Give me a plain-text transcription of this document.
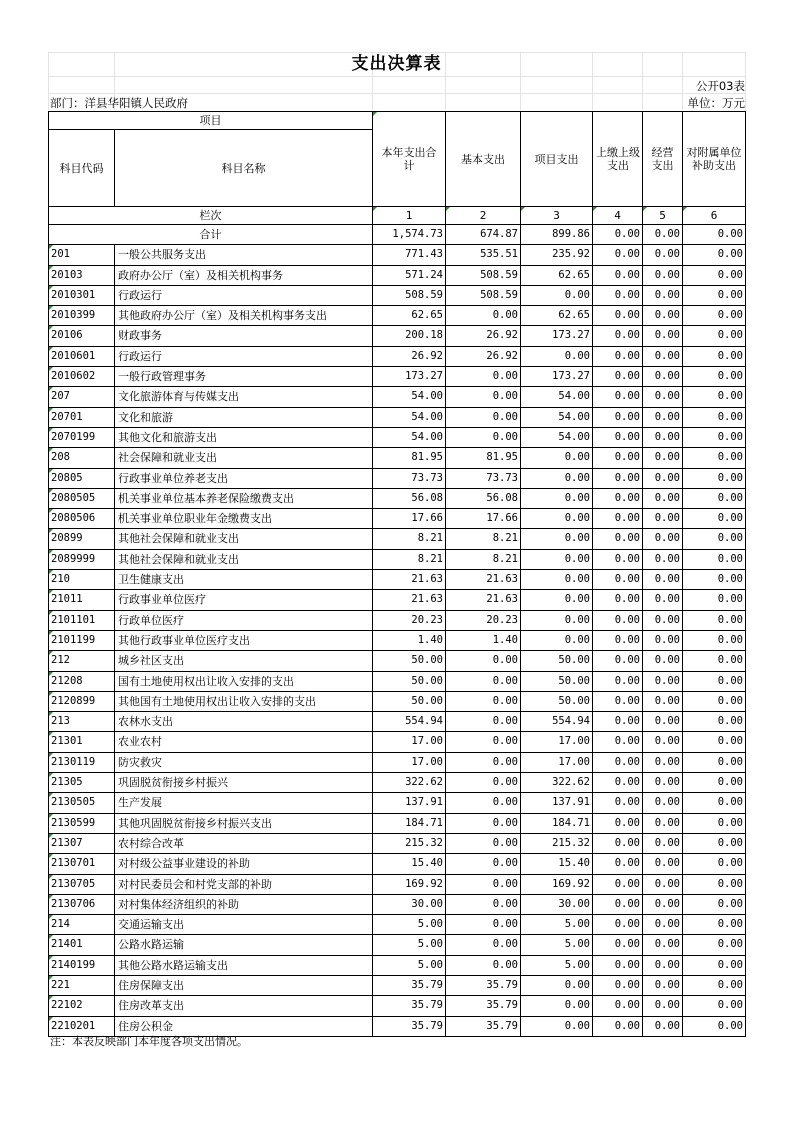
支出决算表
公开03表
部门：洋县华阳镇人民政府	单位：万元
项目		本年支出合计	基本支出	项目支出	上缴上级支出	经营支出	对附属单位补助支出

科目代码	科目名称						
栏次		1	2	3	4	5	6
合计		1,574.73	674.87	899.86	0.00	0.00	0.00
201	一般公共服务支出	771.43	535.51	235.92	0.00	0.00	0.00
20103	政府办公厅（室）及相关机构事务	571.24	508.59	62.65	0.00	0.00	0.00
2010301	行政运行	508.59	508.59	0.00	0.00	0.00	0.00
2010399	其他政府办公厅（室）及相关机构事务支出	62.65	0.00	62.65	0.00	0.00	0.00
20106	财政事务	200.18	26.92	173.27	0.00	0.00	0.00
2010601	行政运行	26.92	26.92	0.00	0.00	0.00	0.00
2010602	一般行政管理事务	173.27	0.00	173.27	0.00	0.00	0.00
207	文化旅游体育与传媒支出	54.00	0.00	54.00	0.00	0.00	0.00
20701	文化和旅游	54.00	0.00	54.00	0.00	0.00	0.00
2070199	其他文化和旅游支出	54.00	0.00	54.00	0.00	0.00	0.00
208	社会保障和就业支出	81.95	81.95	0.00	0.00	0.00	0.00
20805	行政事业单位养老支出	73.73	73.73	0.00	0.00	0.00	0.00
2080505	机关事业单位基本养老保险缴费支出	56.08	56.08	0.00	0.00	0.00	0.00
2080506	机关事业单位职业年金缴费支出	17.66	17.66	0.00	0.00	0.00	0.00
20899	其他社会保障和就业支出	8.21	8.21	0.00	0.00	0.00	0.00
2089999	其他社会保障和就业支出	8.21	8.21	0.00	0.00	0.00	0.00
210	卫生健康支出	21.63	21.63	0.00	0.00	0.00	0.00
21011	行政事业单位医疗	21.63	21.63	0.00	0.00	0.00	0.00
2101101	行政单位医疗	20.23	20.23	0.00	0.00	0.00	0.00
2101199	其他行政事业单位医疗支出	1.40	1.40	0.00	0.00	0.00	0.00
212	城乡社区支出	50.00	0.00	50.00	0.00	0.00	0.00
21208	国有土地使用权出让收入安排的支出	50.00	0.00	50.00	0.00	0.00	0.00
2120899	其他国有土地使用权出让收入安排的支出	50.00	0.00	50.00	0.00	0.00	0.00
213	农林水支出	554.94	0.00	554.94	0.00	0.00	0.00
21301	农业农村	17.00	0.00	17.00	0.00	0.00	0.00
2130119	防灾救灾	17.00	0.00	17.00	0.00	0.00	0.00
21305	巩固脱贫衔接乡村振兴	322.62	0.00	322.62	0.00	0.00	0.00
2130505	生产发展	137.91	0.00	137.91	0.00	0.00	0.00
2130599	其他巩固脱贫衔接乡村振兴支出	184.71	0.00	184.71	0.00	0.00	0.00
21307	农村综合改革	215.32	0.00	215.32	0.00	0.00	0.00
2130701	对村级公益事业建设的补助	15.40	0.00	15.40	0.00	0.00	0.00
2130705	对村民委员会和村党支部的补助	169.92	0.00	169.92	0.00	0.00	0.00
2130706	对村集体经济组织的补助	30.00	0.00	30.00	0.00	0.00	0.00
214	交通运输支出	5.00	0.00	5.00	0.00	0.00	0.00
21401	公路水路运输	5.00	0.00	5.00	0.00	0.00	0.00
2140199	其他公路水路运输支出	5.00	0.00	5.00	0.00	0.00	0.00
221	住房保障支出	35.79	35.79	0.00	0.00	0.00	0.00
22102	住房改革支出	35.79	35.79	0.00	0.00	0.00	0.00
2210201	住房公积金	35.79	35.79	0.00	0.00	0.00	0.00
注：本表反映部门本年度各项支出情况。
